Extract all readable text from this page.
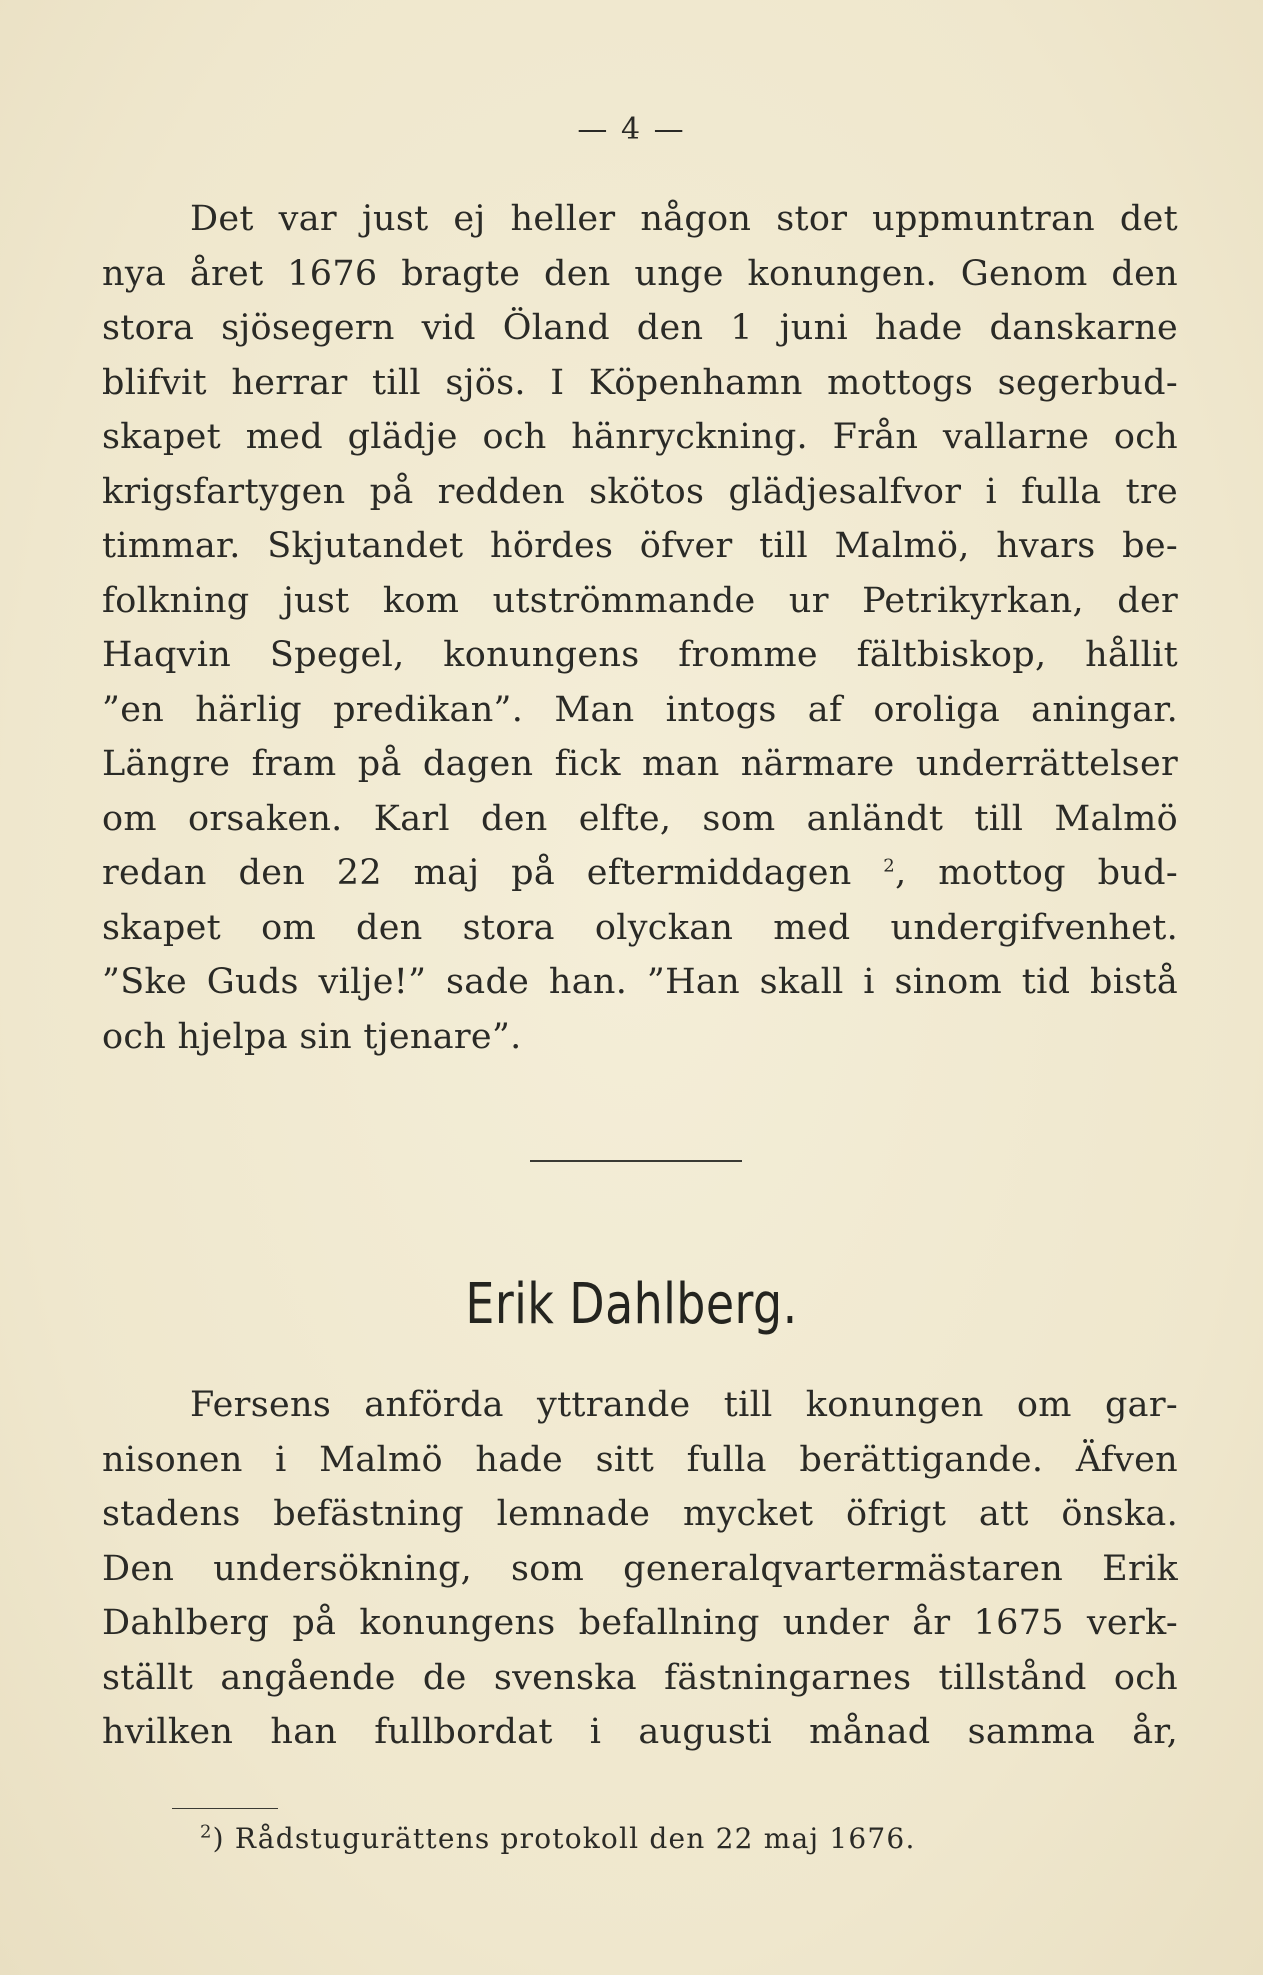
— 4 —
Det var just ej heller någon stor uppmuntran det
nya året 1676 bragte den unge konungen. Genom den
stora sjösegern vid Öland den 1 juni hade danskarne
blifvit herrar till sjös. I Köpenhamn mottogs segerbud-
skapet med glädje och hänryckning. Från vallarne och
krigsfartygen på redden skötos glädjesalfvor i fulla tre
timmar. Skjutandet hördes öfver till Malmö, hvars be-
folkning just kom utströmmande ur Petrikyrkan, der
Haqvin Spegel, konungens fromme fältbiskop, hållit
”en härlig predikan”. Man intogs af oroliga aningar.
Längre fram på dagen fick man närmare underrättelser
om orsaken. Karl den elfte, som anländt till Malmö
redan den 22 maj på eftermiddagen $^2$, mottog bud-
skapet om den stora olyckan med undergifvenhet.
”Ske Guds vilje!” sade han. ”Han skall i sinom tid bistå
och hjelpa sin tjenare”.
Erik Dahlberg.
Fersens anförda yttrande till konungen om gar-
nisonen i Malmö hade sitt fulla berättigande. Äfven
stadens befästning lemnade mycket öfrigt att önska.
Den undersökning, som generalqvartermästaren Erik
Dahlberg på konungens befallning under år 1675 verk-
ställt angående de svenska fästningarnes tillstånd och
hvilken han fullbordat i augusti månad samma år,
$^2$) Rådstugurättens protokoll den 22 maj 1676.
